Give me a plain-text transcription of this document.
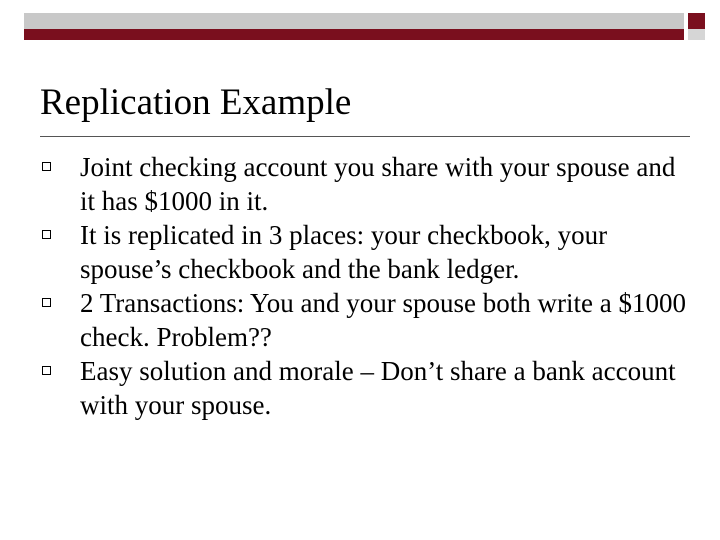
Replication Example
Joint checking account you share with your spouse and it has $1000 in it.
It is replicated in 3 places: your checkbook, your spouse’s checkbook and the bank ledger.
2 Transactions: You and your spouse both write a $1000 check. Problem??
Easy solution and morale – Don’t share a bank account with your spouse.
